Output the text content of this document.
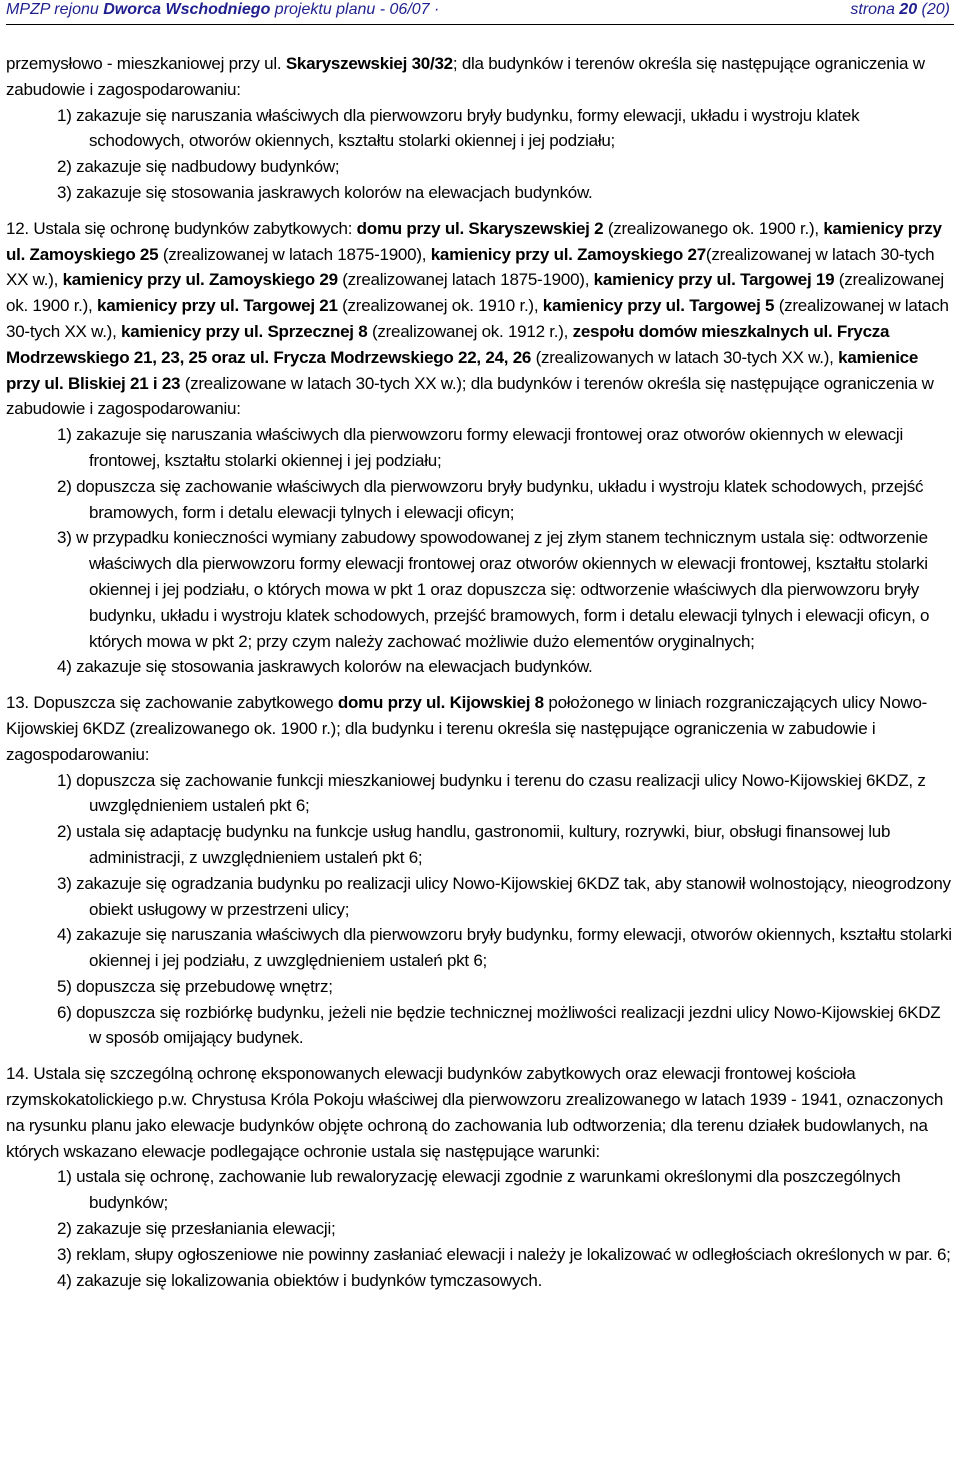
MPZP rejonu Dworca Wschodniego projektu planu - 06/07 ·	strona 20 (20)

przemysłowo - mieszkaniowej przy ul. Skaryszewskiej 30/32; dla budynków i terenów określa się następujące ograniczenia w zabudowie i zagospodarowaniu:

1) zakazuje się naruszania właściwych dla pierwowzoru bryły budynku, formy elewacji, układu i wystroju klatek schodowych, otworów okiennych, kształtu stolarki okiennej i jej podziału;

2) zakazuje się nadbudowy budynków;

3) zakazuje się stosowania jaskrawych kolorów na elewacjach budynków.

12. Ustala się ochronę budynków zabytkowych: domu przy ul. Skaryszewskiej 2 (zrealizowanego ok. 1900 r.), kamienicy przy ul. Zamoyskiego 25 (zrealizowanej w latach 1875-1900), kamienicy przy ul. Zamoyskiego 27(zrealizowanej w latach 30-tych XX w.), kamienicy przy ul. Zamoyskiego 29 (zrealizowanej latach 1875-1900), kamienicy przy ul. Targowej 19 (zrealizowanej ok. 1900 r.), kamienicy przy ul. Targowej 21 (zrealizowanej ok. 1910 r.), kamienicy przy ul. Targowej 5 (zrealizowanej w latach 30-tych XX w.), kamienicy przy ul. Sprzecznej 8 (zrealizowanej ok. 1912 r.), zespołu domów mieszkalnych ul. Frycza Modrzewskiego 21, 23, 25 oraz ul. Frycza Modrzewskiego 22, 24, 26 (zrealizowanych w latach 30-tych XX w.), kamienice przy ul. Bliskiej 21 i 23 (zrealizowane w latach 30-tych XX w.); dla budynków i terenów określa się następujące ograniczenia w zabudowie i zagospodarowaniu:

1) zakazuje się naruszania właściwych dla pierwowzoru formy elewacji frontowej oraz otworów okiennych w elewacji frontowej, kształtu stolarki okiennej i jej podziału;

2) dopuszcza się zachowanie właściwych dla pierwowzoru bryły budynku, układu i wystroju klatek schodowych, przejść bramowych, form i detalu elewacji tylnych i elewacji oficyn;

3) w przypadku konieczności wymiany zabudowy spowodowanej z jej złym stanem technicznym ustala się: odtworzenie właściwych dla pierwowzoru formy elewacji frontowej oraz otworów okiennych w elewacji frontowej, kształtu stolarki okiennej i jej podziału, o których mowa w pkt 1 oraz dopuszcza się: odtworzenie właściwych dla pierwowzoru bryły budynku, układu i wystroju klatek schodowych, przejść bramowych, form i detalu elewacji tylnych i elewacji oficyn, o których mowa w pkt 2; przy czym należy zachować możliwie dużo elementów oryginalnych;

4) zakazuje się stosowania jaskrawych kolorów na elewacjach budynków.

13. Dopuszcza się zachowanie zabytkowego domu przy ul. Kijowskiej 8 położonego w liniach rozgraniczających ulicy Nowo-Kijowskiej 6KDZ (zrealizowanego ok. 1900 r.); dla budynku i terenu określa się następujące ograniczenia w zabudowie i zagospodarowaniu:

1) dopuszcza się zachowanie funkcji mieszkaniowej budynku i terenu do czasu realizacji ulicy Nowo-Kijowskiej 6KDZ, z uwzględnieniem ustaleń pkt 6;

2) ustala się adaptację budynku na funkcje usług handlu, gastronomii, kultury, rozrywki, biur, obsługi finansowej lub administracji, z uwzględnieniem ustaleń pkt 6;

3) zakazuje się ogradzania budynku po realizacji ulicy Nowo-Kijowskiej 6KDZ tak, aby stanowił wolnostojący, nieogrodzony obiekt usługowy w przestrzeni ulicy;

4) zakazuje się naruszania właściwych dla pierwowzoru bryły budynku, formy elewacji, otworów okiennych, kształtu stolarki okiennej i jej podziału, z uwzględnieniem ustaleń pkt 6;

5) dopuszcza się przebudowę wnętrz;

6) dopuszcza się rozbiórkę budynku, jeżeli nie będzie technicznej możliwości realizacji jezdni ulicy Nowo-Kijowskiej 6KDZ w sposób omijający budynek.

14. Ustala się szczególną ochronę eksponowanych elewacji budynków zabytkowych oraz elewacji frontowej kościoła rzymskokatolickiego p.w. Chrystusa Króla Pokoju właściwej dla pierwowzoru zrealizowanego w latach 1939 - 1941, oznaczonych na rysunku planu jako elewacje budynków objęte ochroną do zachowania lub odtworzenia; dla terenu działek budowlanych, na których wskazano elewacje podlegające ochronie ustala się następujące warunki:

1) ustala się ochronę, zachowanie lub rewaloryzację elewacji zgodnie z warunkami określonymi dla poszczególnych budynków;

2) zakazuje się przesłaniania elewacji;

3) reklam, słupy ogłoszeniowe nie powinny zasłaniać elewacji i należy je lokalizować w odległościach określonych w par. 6;

4) zakazuje się lokalizowania obiektów i budynków tymczasowych.
